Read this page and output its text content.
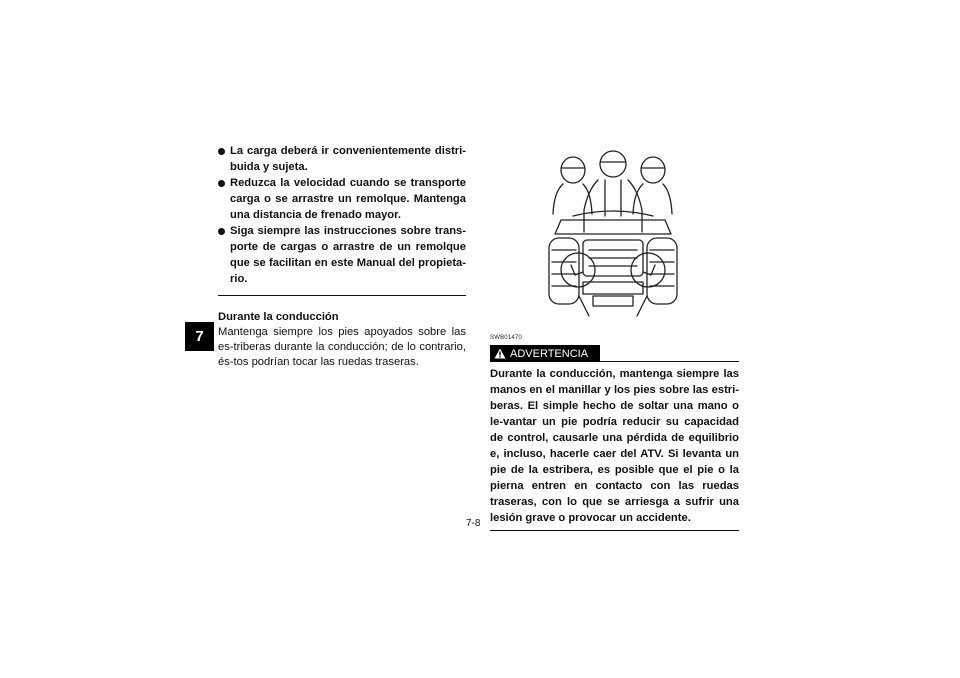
7
La carga deberá ir convenientemente distri-buida y sujeta.
Reduzca la velocidad cuando se transporte carga o se arrastre un remolque. Mantenga una distancia de frenado mayor.
Siga siempre las instrucciones sobre trans-porte de cargas o arrastre de un remolque que se facilitan en este Manual del propieta-rio.
Durante la conducción
Mantenga siempre los pies apoyados sobre las es-triberas durante la conducción; de lo contrario, és-tos podrían tocar las ruedas traseras.
SWB01470
ADVERTENCIA
Durante la conducción, mantenga siempre las manos en el manillar y los pies sobre las estri-beras. El simple hecho de soltar una mano o le-vantar un pie podría reducir su capacidad de control, causarle una pérdida de equilibrio e, incluso, hacerle caer del ATV. Si levanta un pie de la estribera, es posible que el pie o la pierna entren en contacto con las ruedas traseras, con lo que se arriesga a sufrir una lesión grave o provocar un accidente.
7-8
